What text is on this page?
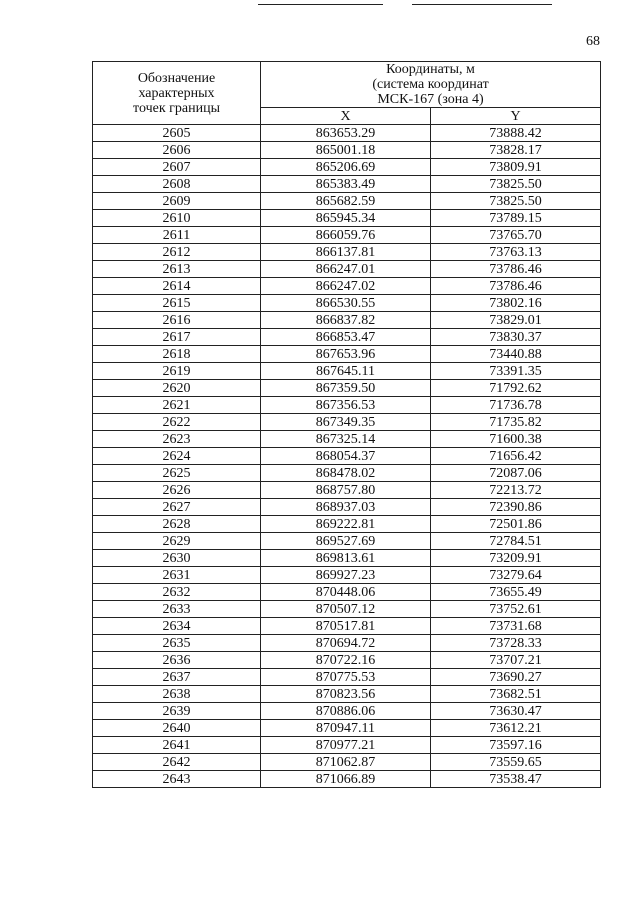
68
Обозначение
характерных
точек границы	Координаты, м
(система координат
МСК-167 (зона 4)	

	X	Y
2605	863653.29	73888.42
2606	865001.18	73828.17
2607	865206.69	73809.91
2608	865383.49	73825.50
2609	865682.59	73825.50
2610	865945.34	73789.15
2611	866059.76	73765.70
2612	866137.81	73763.13
2613	866247.01	73786.46
2614	866247.02	73786.46
2615	866530.55	73802.16
2616	866837.82	73829.01
2617	866853.47	73830.37
2618	867653.96	73440.88
2619	867645.11	73391.35
2620	867359.50	71792.62
2621	867356.53	71736.78
2622	867349.35	71735.82
2623	867325.14	71600.38
2624	868054.37	71656.42
2625	868478.02	72087.06
2626	868757.80	72213.72
2627	868937.03	72390.86
2628	869222.81	72501.86
2629	869527.69	72784.51
2630	869813.61	73209.91
2631	869927.23	73279.64
2632	870448.06	73655.49
2633	870507.12	73752.61
2634	870517.81	73731.68
2635	870694.72	73728.33
2636	870722.16	73707.21
2637	870775.53	73690.27
2638	870823.56	73682.51
2639	870886.06	73630.47
2640	870947.11	73612.21
2641	870977.21	73597.16
2642	871062.87	73559.65
2643	871066.89	73538.47
